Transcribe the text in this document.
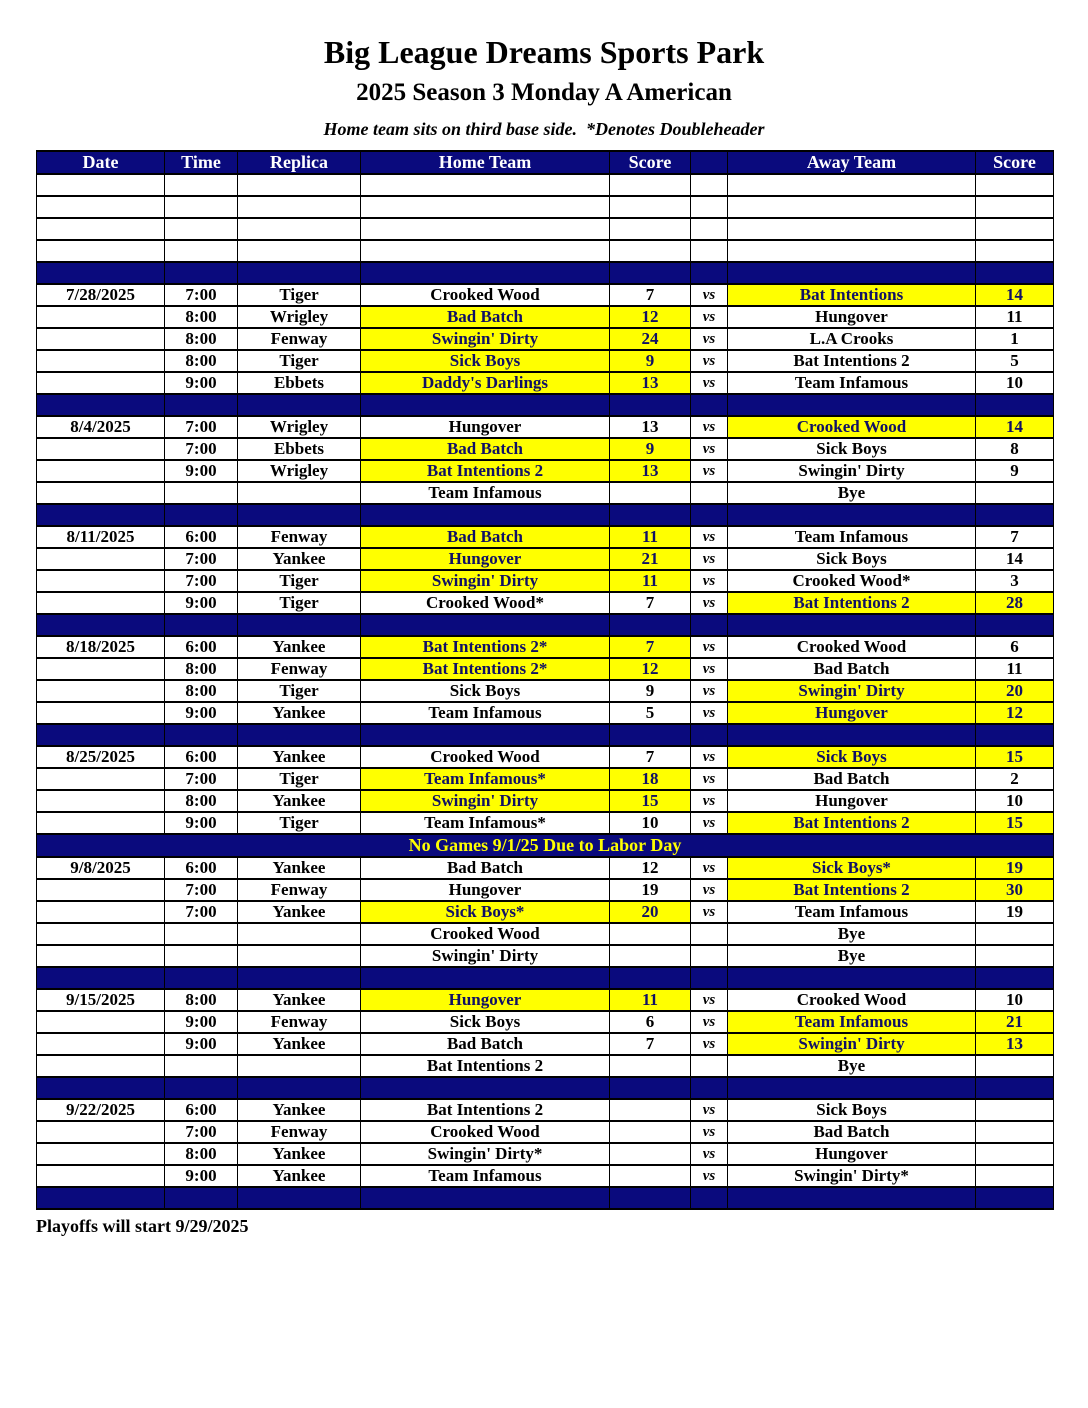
Big League Dreams Sports Park
2025 Season 3 Monday A American
Home team sits on third base side.  *Denotes Doubleheader
Date	Time	Replica	Home Team	Score		Away Team	Score

7/28/2025	7:00	Tiger	Crooked Wood	7	vs	Bat Intentions	14
	8:00	Wrigley	Bad Batch	12	vs	Hungover	11
	8:00	Fenway	Swingin' Dirty	24	vs	L.A Crooks	1
	8:00	Tiger	Sick Boys	9	vs	Bat Intentions 2	5
	9:00	Ebbets	Daddy's Darlings	13	vs	Team Infamous	10

8/4/2025	7:00	Wrigley	Hungover	13	vs	Crooked Wood	14
	7:00	Ebbets	Bad Batch	9	vs	Sick Boys	8
	9:00	Wrigley	Bat Intentions 2	13	vs	Swingin' Dirty	9
			Team Infamous			Bye	

8/11/2025	6:00	Fenway	Bad Batch	11	vs	Team Infamous	7
	7:00	Yankee	Hungover	21	vs	Sick Boys	14
	7:00	Tiger	Swingin' Dirty	11	vs	Crooked Wood*	3
	9:00	Tiger	Crooked Wood*	7	vs	Bat Intentions 2	28

8/18/2025	6:00	Yankee	Bat Intentions 2*	7	vs	Crooked Wood	6
	8:00	Fenway	Bat Intentions 2*	12	vs	Bad Batch	11
	8:00	Tiger	Sick Boys	9	vs	Swingin' Dirty	20
	9:00	Yankee	Team Infamous	5	vs	Hungover	12

8/25/2025	6:00	Yankee	Crooked Wood	7	vs	Sick Boys	15
	7:00	Tiger	Team Infamous*	18	vs	Bad Batch	2
	8:00	Yankee	Swingin' Dirty	15	vs	Hungover	10
	9:00	Tiger	Team Infamous*	10	vs	Bat Intentions 2	15
No Games 9/1/25 Due to Labor Day							
9/8/2025	6:00	Yankee	Bad Batch	12	vs	Sick Boys*	19
	7:00	Fenway	Hungover	19	vs	Bat Intentions 2	30
	7:00	Yankee	Sick Boys*	20	vs	Team Infamous	19
			Crooked Wood			Bye	
			Swingin' Dirty			Bye	

9/15/2025	8:00	Yankee	Hungover	11	vs	Crooked Wood	10
	9:00	Fenway	Sick Boys	6	vs	Team Infamous	21
	9:00	Yankee	Bad Batch	7	vs	Swingin' Dirty	13
			Bat Intentions 2			Bye	

9/22/2025	6:00	Yankee	Bat Intentions 2		vs	Sick Boys	
	7:00	Fenway	Crooked Wood		vs	Bad Batch	
	8:00	Yankee	Swingin' Dirty*		vs	Hungover	
	9:00	Yankee	Team Infamous		vs	Swingin' Dirty*	

Playoffs will start 9/29/2025
